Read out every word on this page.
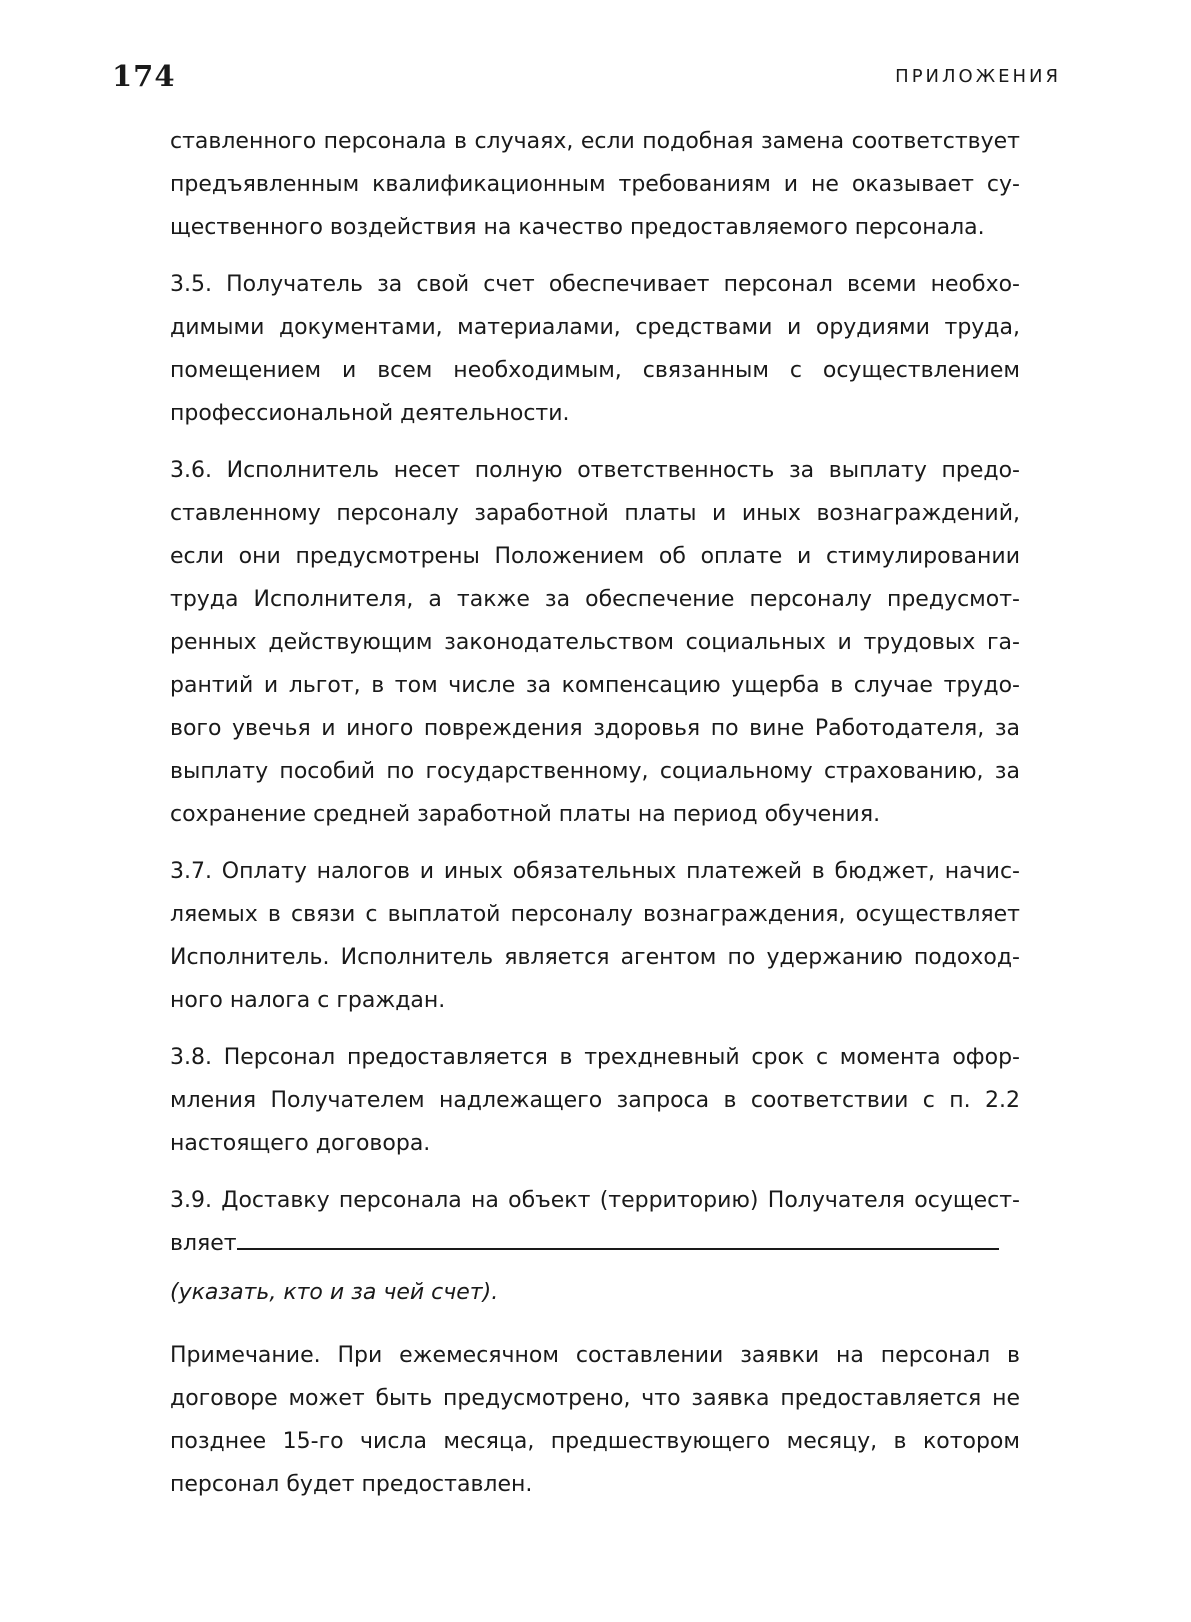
174	ПРИЛОЖЕНИЯ

ставленного персонала в случаях, если подобная замена соответствует предъявленным квалификационным требованиям и не оказывает существенного воздействия на качество предоставляемого персонала.

3.5. Получатель за свой счет обеспечивает персонал всеми необходимыми документами, материалами, средствами и орудиями труда, помещением и всем необходимым, связанным с осуществлением профессиональной деятельности.

3.6. Исполнитель несет полную ответственность за выплату предоставленному персоналу заработной платы и иных вознаграждений, если они предусмотрены Положением об оплате и стимулировании труда Исполнителя, а также за обеспечение персоналу предусмотренных действующим законодательством социальных и трудовых гарантий и льгот, в том числе за компенсацию ущерба в случае трудового увечья и иного повреждения здоровья по вине Работодателя, за выплату пособий по государственному, социальному страхованию, за сохранение средней заработной платы на период обучения.

3.7. Оплату налогов и иных обязательных платежей в бюджет, начисляемых в связи с выплатой персоналу вознаграждения, осуществляет Исполнитель. Исполнитель является агентом по удержанию подоходного налога с граждан.

3.8. Персонал предоставляется в трехдневный срок с момента оформления Получателем надлежащего запроса в соответствии с п. 2.2 настоящего договора.

3.9. Доставку персонала на объект (территорию) Получателя осуществляет

(указать, кто и за чей счет).

Примечание. При ежемесячном составлении заявки на персонал в договоре может быть предусмотрено, что заявка предоставляется не позднее 15-го числа месяца, предшествующего месяцу, в котором персонал будет предоставлен.
